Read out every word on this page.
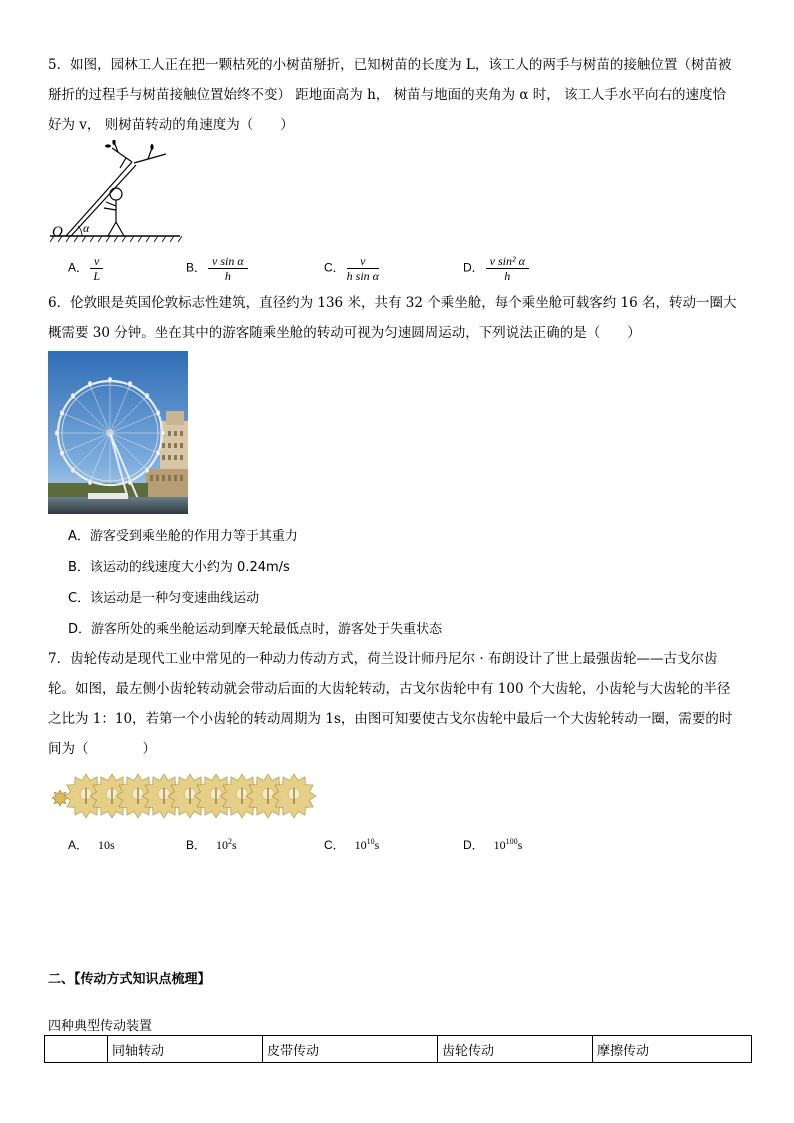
5．如图，园林工人正在把一颗枯死的小树苗掰折，已知树苗的长度为 L，该工人的两手与树苗的接触位置（树苗被
掰折的过程手与树苗接触位置始终不变） 距地面高为 h， 树苗与地面的夹角为 α 时， 该工人手水平向右的速度恰
好为 v， 则树苗转动的角速度为（　　）
O α
A． $\frac{v}{L}$	B． $\frac{\text{v sin α}}{h}$	C． $\frac{v}{\text{h sin α}}$	D． $\frac{\text{v sin² α}}{h}$
6．伦敦眼是英国伦敦标志性建筑，直径约为 136 米，共有 32 个乘坐舱，每个乘坐舱可载客约 16 名，转动一圈大
概需要 30 分钟。坐在其中的游客随乘坐舱的转动可视为匀速圆周运动，下列说法正确的是（　　）
A．游客受到乘坐舱的作用力等于其重力
B．该运动的线速度大小约为 0.24m/s
C．该运动是一种匀变速曲线运动
D．游客所处的乘坐舱运动到摩天轮最低点时，游客处于失重状态
7．齿轮传动是现代工业中常见的一种动力传动方式，荷兰设计师丹尼尔 · 布朗设计了世上最强齿轮——古戈尔齿
轮。如图，最左侧小齿轮转动就会带动后面的大齿轮转动，古戈尔齿轮中有 100 个大齿轮，小齿轮与大齿轮的半径
之比为 1：10，若第一个小齿轮的转动周期为 1s，由图可知要使古戈尔齿轮中最后一个大齿轮转动一圈，需要的时
间为（　　　　）
A． 10s	B． $10^2s$	C． $10^{10}s$	D． $10^{100}s$
二、【传动方式知识点梳理】
四种典型传动装置
	同轴转动	皮带传动	齿轮传动	摩擦传动
